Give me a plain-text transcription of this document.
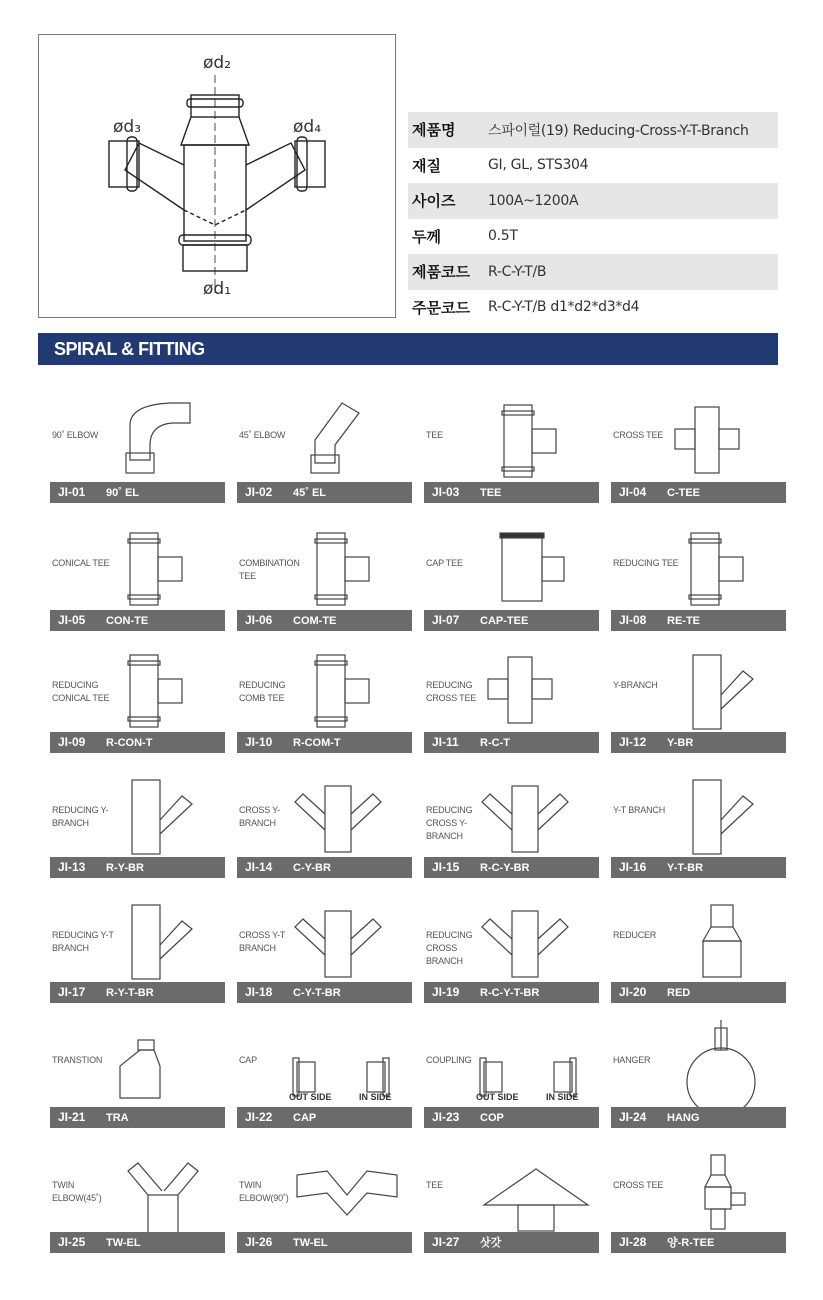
ød₂
ød₃	ød₄
ød₁
제품명	스파이럴(19) Reducing-Cross-Y-T-Branch
재질	GI, GL, STS304
사이즈	100A~1200A
두께	0.5T
제품코드	R-C-Y-T/B
주문코드	R-C-Y-T/B d1*d2*d3*d4
SPIRAL & FITTING
90˚ ELBOW
JI-01 90˚ EL
45˚ ELBOW
JI-02 45˚ EL
TEE
JI-03 TEE
CROSS TEE
JI-04 C-TEE
CONICAL TEE
JI-05 CON-TE
COMBINATION TEE
JI-06 COM-TE
CAP TEE
JI-07 CAP-TEE
REDUCING TEE
JI-08 RE-TE
REDUCING CONICAL TEE
JI-09 R-CON-T
REDUCING COMB TEE
JI-10 R-COM-T
REDUCING CROSS TEE
JI-11 R-C-T
Y-BRANCH
JI-12 Y-BR
REDUCING Y-BRANCH
JI-13 R-Y-BR
CROSS Y-BRANCH
JI-14 C-Y-BR
REDUCING CROSS Y-BRANCH
JI-15 R-C-Y-BR
Y-T BRANCH
JI-16 Y-T-BR
REDUCING Y-T BRANCH
JI-17 R-Y-T-BR
CROSS Y-T BRANCH
JI-18 C-Y-T-BR
REDUCING CROSS BRANCH
JI-19 R-C-Y-T-BR
REDUCER
JI-20 RED
TRANSTION
JI-21 TRA
CAP
OUT SIDE	IN SIDE
JI-22 CAP
COUPLING
OUT SIDE	IN SIDE
JI-23 COP
HANGER
JI-24 HANG
TWIN ELBOW(45˚)
JI-25 TW-EL
TWIN ELBOW(90˚)
JI-26 TW-EL
TEE
JI-27 삿갓
CROSS TEE
JI-28 양-R-TEE
